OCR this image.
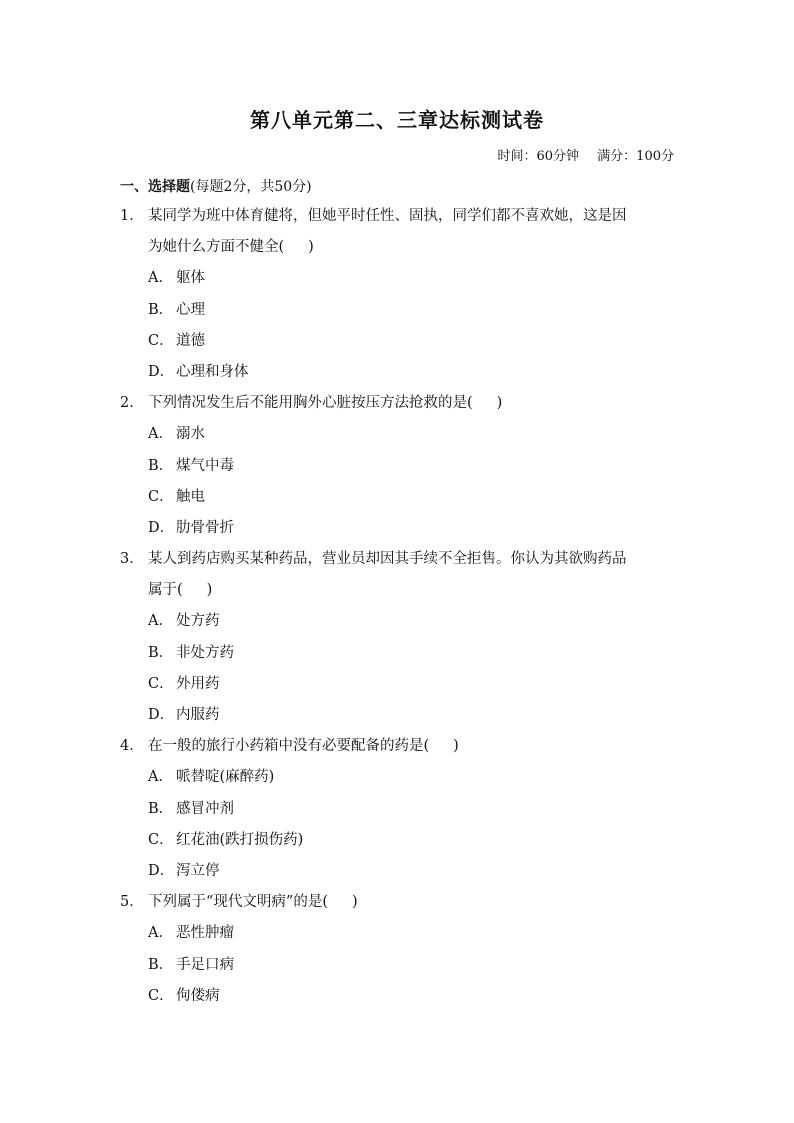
第八单元第二、三章达标测试卷
时间：60分钟 满分：100分
一、选择题(每题2分，共50分)
1． 某同学为班中体育健将，但她平时任性、固执，同学们都不喜欢她，这是因
为她什么方面不健全( )
A． 躯体
B． 心理
C． 道德
D． 心理和身体
2． 下列情况发生后不能用胸外心脏按压方法抢救的是( )
A． 溺水
B． 煤气中毒
C． 触电
D． 肋骨骨折
3． 某人到药店购买某种药品，营业员却因其手续不全拒售。你认为其欲购药品
属于( )
A． 处方药
B． 非处方药
C． 外用药
D． 内服药
4． 在一般的旅行小药箱中没有必要配备的药是( )
A． 哌替啶(麻醉药)
B． 感冒冲剂
C． 红花油(跌打损伤药)
D． 泻立停
5． 下列属于“现代文明病”的是( )
A． 恶性肿瘤
B． 手足口病
C． 佝偻病
